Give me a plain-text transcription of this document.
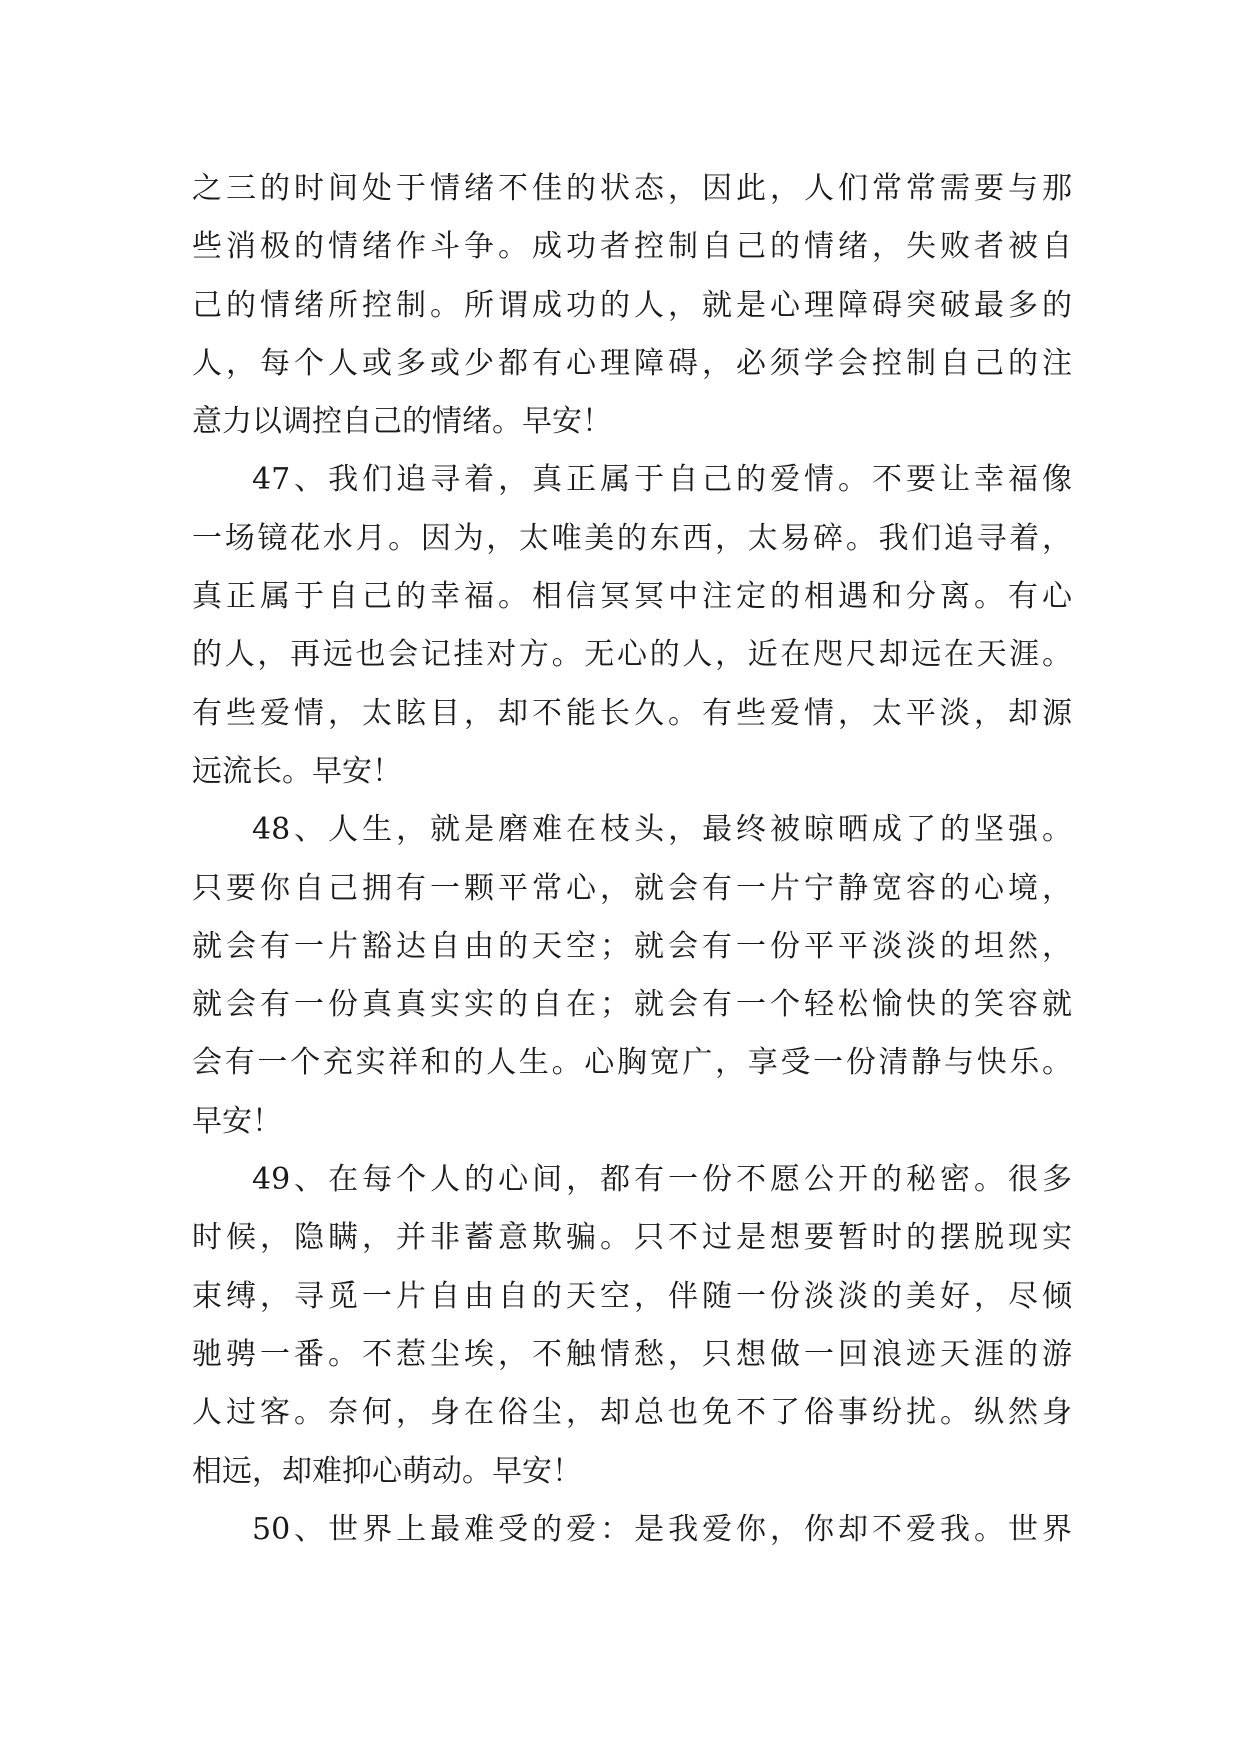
之三的时间处于情绪不佳的状态，因此，人们常常需要与那
些消极的情绪作斗争。成功者控制自己的情绪，失败者被自
己的情绪所控制。所谓成功的人，就是心理障碍突破最多的
人，每个人或多或少都有心理障碍，必须学会控制自己的注
意力以调控自己的情绪。早安！
47、我们追寻着，真正属于自己的爱情。不要让幸福像
一场镜花水月。因为，太唯美的东西，太易碎。我们追寻着，
真正属于自己的幸福。相信冥冥中注定的相遇和分离。有心
的人，再远也会记挂对方。无心的人，近在咫尺却远在天涯。
有些爱情，太眩目，却不能长久。有些爱情，太平淡，却源
远流长。早安！
48、人生，就是磨难在枝头，最终被晾晒成了的坚强。
只要你自己拥有一颗平常心，就会有一片宁静宽容的心境，
就会有一片豁达自由的天空；就会有一份平平淡淡的坦然，
就会有一份真真实实的自在；就会有一个轻松愉快的笑容就
会有一个充实祥和的人生。心胸宽广，享受一份清静与快乐。
早安！
49、在每个人的心间，都有一份不愿公开的秘密。很多
时候，隐瞒，并非蓄意欺骗。只不过是想要暂时的摆脱现实
束缚，寻觅一片自由自的天空，伴随一份淡淡的美好，尽倾
驰骋一番。不惹尘埃，不触情愁，只想做一回浪迹天涯的游
人过客。奈何，身在俗尘，却总也免不了俗事纷扰。纵然身
相远，却难抑心萌动。早安！
50、世界上最难受的爱：是我爱你，你却不爱我。世界
